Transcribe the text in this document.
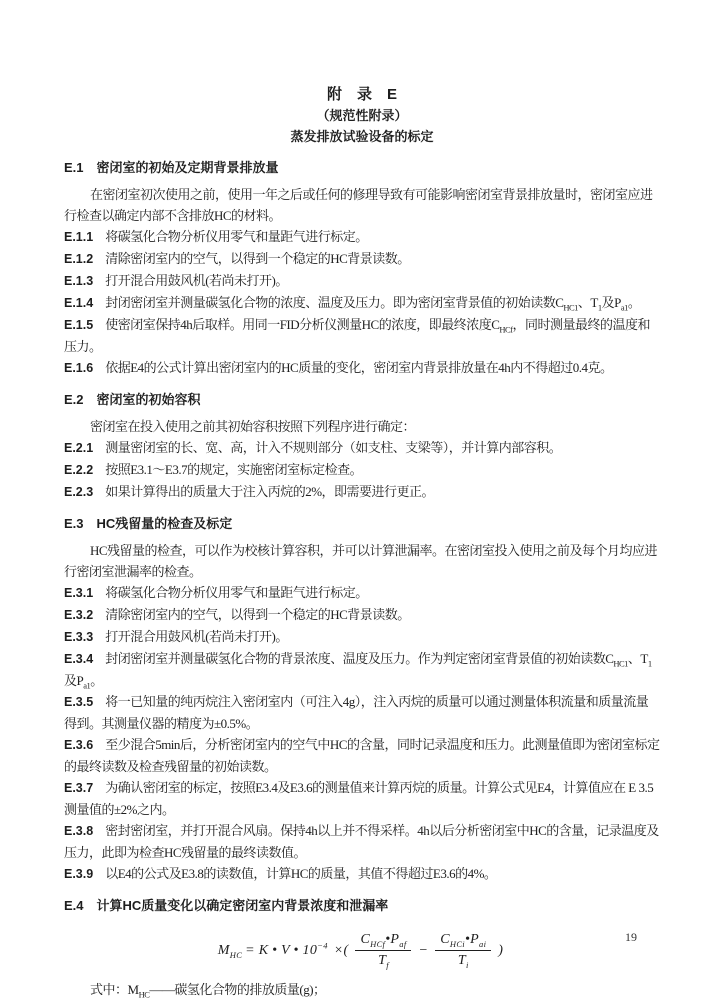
附　录　E

（规范性附录）

蒸发排放试验设备的标定

E.1 密闭室的初始及定期背景排放量

在密闭室初次使用之前，使用一年之后或任何的修理导致有可能影响密闭室背景排放量时，密闭室应进行检查以确定内部不含排放HC的材料。

E.1.1 将碳氢化合物分析仪用零气和量距气进行标定。

E.1.2 清除密闭室内的空气，以得到一个稳定的HC背景读数。

E.1.3 打开混合用鼓风机(若尚未打开)。

E.1.4 封闭密闭室并测量碳氢化合物的浓度、温度及压力。即为密闭室背景值的初始读数$C_{HC1}$、$T_1$及$P_{a1}$。

E.1.5 使密闭室保持4h后取样。用同一FID分析仪测量HC的浓度，即最终浓度$C_{HCf}$，同时测量最终的温度和压力。

E.1.6 依据E4的公式计算出密闭室内的HC质量的变化，密闭室内背景排放量在4h内不得超过0.4克。

E.2 密闭室的初始容积

密闭室在投入使用之前其初始容积按照下列程序进行确定：

E.2.1 测量密闭室的长、宽、高，计入不规则部分（如支柱、支梁等），并计算内部容积。

E.2.2 按照E3.1～E3.7的规定，实施密闭室标定检查。

E.2.3 如果计算得出的质量大于注入丙烷的2%，即需要进行更正。

E.3 HC残留量的检查及标定

HC残留量的检查，可以作为校核计算容积，并可以计算泄漏率。在密闭室投入使用之前及每个月均应进行密闭室泄漏率的检查。

E.3.1 将碳氢化合物分析仪用零气和量距气进行标定。

E.3.2 清除密闭室内的空气，以得到一个稳定的HC背景读数。

E.3.3 打开混合用鼓风机(若尚未打开)。

E.3.4 封闭密闭室并测量碳氢化合物的背景浓度、温度及压力。作为判定密闭室背景值的初始读数$C_{HC1}$、$T_1$及$P_{a1}$。

E.3.5 将一已知量的纯丙烷注入密闭室内（可注入4g），注入丙烷的质量可以通过测量体积流量和质量流量得到。其测量仪器的精度为±0.5%。

E.3.6 至少混合5min后，分析密闭室内的空气中HC的含量，同时记录温度和压力。此测量值即为密闭室标定的最终读数及检查残留量的初始读数。

E.3.7 为确认密闭室的标定，按照E3.4及E3.6的测量值来计算丙烷的质量。计算公式见E4，计算值应在 E 3.5测量值的±2%之内。

E.3.8 密封密闭室，并打开混合风扇。保持4h以上并不得采样。4h以后分析密闭室中HC的含量，记录温度及压力，此即为检查HC残留量的最终读数值。

E.3.9 以E4的公式及E3.8的读数值，计算HC的质量，其值不得超过E3.6的4%。

E.4 计算HC质量变化以确定密闭室内背景浓度和泄漏率

$M_{HC} = K$ • V • $10^{-4}$ ×( $\frac{C_{HCf}•P_{af}}{T_f} - \frac{C_{HCi}•P_{ai}}{T_i}$ )

式中：$M_{HC}——$碳氢化合物的排放质量(g)；

19
